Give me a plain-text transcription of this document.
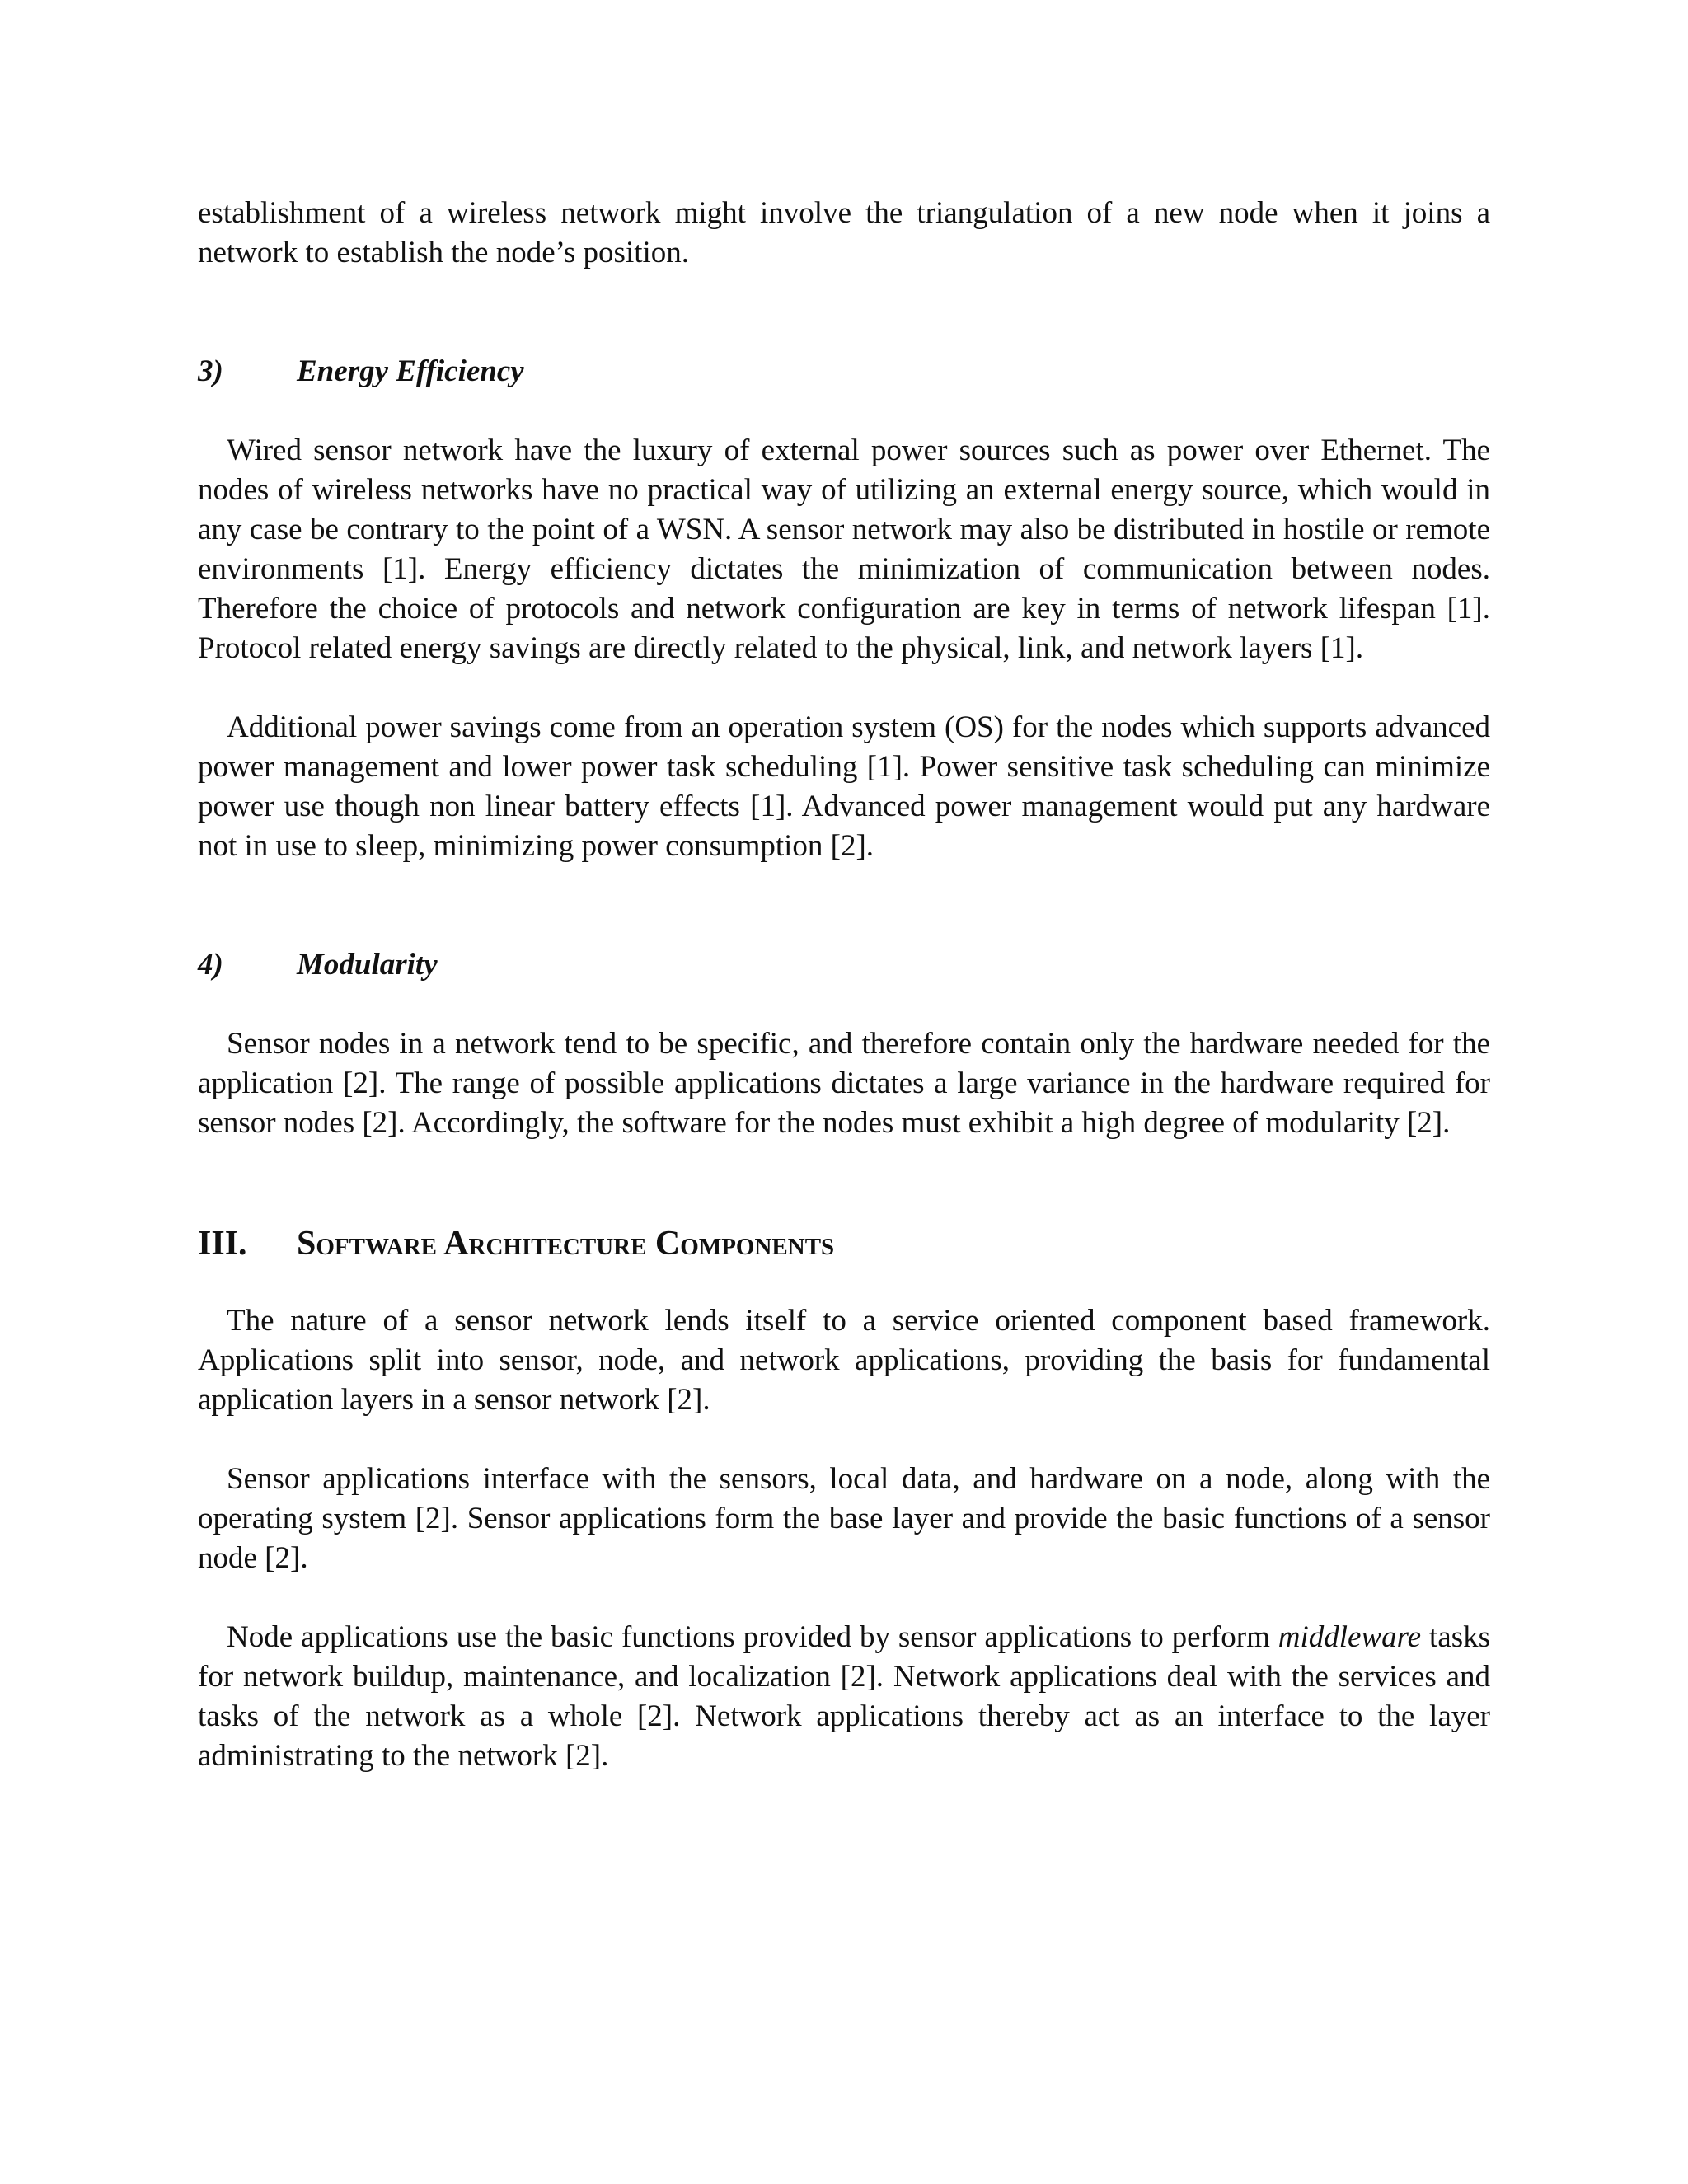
establishment of a wireless network might involve the triangulation of a new node when it joins a network to establish the node’s position.

3)	Energy Efficiency

Wired sensor network have the luxury of external power sources such as power over Ethernet. The nodes of wireless networks have no practical way of utilizing an external energy source, which would in any case be contrary to the point of a WSN. A sensor network may also be distributed in hostile or remote environments [1]. Energy efficiency dictates the minimization of communication between nodes. Therefore the choice of protocols and network configuration are key in terms of network lifespan [1]. Protocol related energy savings are directly related to the physical, link, and network layers [1].

Additional power savings come from an operation system (OS) for the nodes which supports advanced power management and lower power task scheduling [1]. Power sensitive task scheduling can minimize power use though non linear battery effects [1]. Advanced power management would put any hardware not in use to sleep, minimizing power consumption [2].

4)	Modularity

Sensor nodes in a network tend to be specific, and therefore contain only the hardware needed for the application [2]. The range of possible applications dictates a large variance in the hardware required for sensor nodes [2]. Accordingly, the software for the nodes must exhibit a high degree of modularity [2].

III.	Software Architecture Components

The nature of a sensor network lends itself to a service oriented component based framework. Applications split into sensor, node, and network applications, providing the basis for fundamental application layers in a sensor network [2].

Sensor applications interface with the sensors, local data, and hardware on a node, along with the operating system [2]. Sensor applications form the base layer and provide the basic functions of a sensor node [2].

Node applications use the basic functions provided by sensor applications to perform middleware tasks for network buildup, maintenance, and localization [2]. Network applications deal with the services and tasks of the network as a whole [2]. Network applications thereby act as an interface to the layer administrating to the network [2].
